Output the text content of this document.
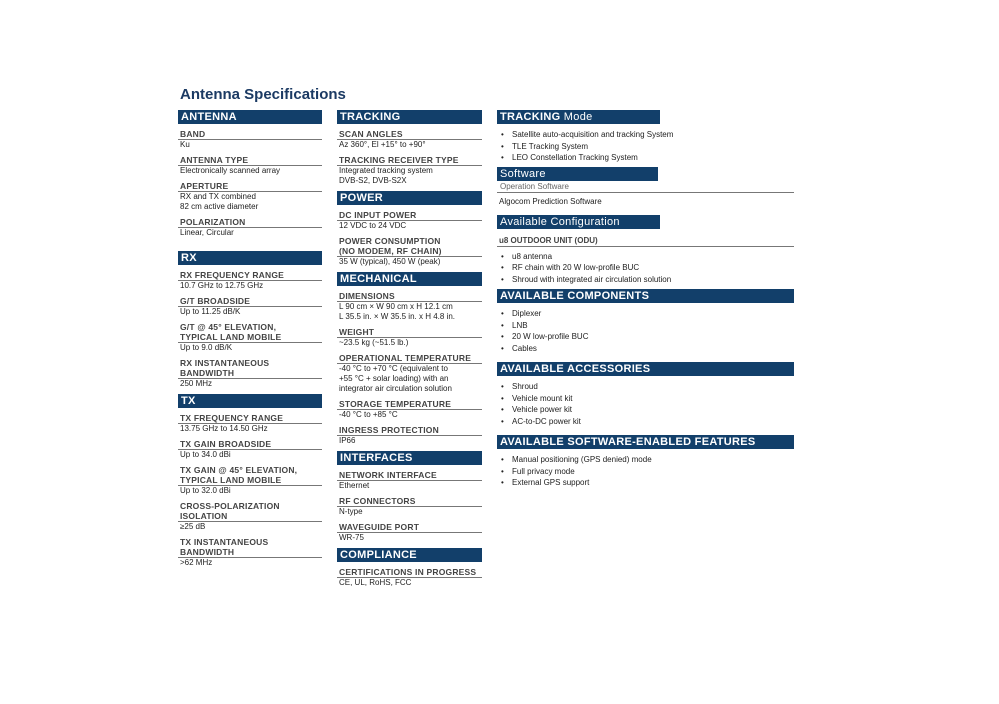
Antenna Specifications
ANTENNA
BAND
Ku
ANTENNA TYPE
Electronically scanned array
APERTURE
RX and TX combined
82 cm active diameter
POLARIZATION
Linear, Circular
RX
RX FREQUENCY RANGE
10.7 GHz to 12.75 GHz
G/T BROADSIDE
Up to 11.25 dB/K
G/T @ 45° ELEVATION,
TYPICAL LAND MOBILE
Up to 9.0 dB/K
RX INSTANTANEOUS
BANDWIDTH
250 MHz
TX
TX FREQUENCY RANGE
13.75 GHz to 14.50 GHz
TX GAIN BROADSIDE
Up to 34.0 dBi
TX GAIN @ 45° ELEVATION,
TYPICAL LAND MOBILE
Up to 32.0 dBi
CROSS-POLARIZATION
ISOLATION
≥25 dB
TX INSTANTANEOUS
BANDWIDTH
>62 MHz
TRACKING
SCAN ANGLES
Az 360°, El +15° to +90°
TRACKING RECEIVER TYPE
Integrated tracking system
DVB-S2, DVB-S2X
POWER
DC INPUT POWER
12 VDC to 24 VDC
POWER CONSUMPTION
(NO MODEM, RF CHAIN)
35 W (typical), 450 W (peak)
MECHANICAL
DIMENSIONS
L 90 cm × W 90 cm x H 12.1 cm
L 35.5 in. × W 35.5 in. x H 4.8 in.
WEIGHT
~23.5 kg (~51.5 lb.)
OPERATIONAL TEMPERATURE
-40 °C to +70 °C (equivalent to
+55 °C + solar loading) with an
integrator air circulation solution
STORAGE TEMPERATURE
-40 °C to +85 °C
INGRESS PROTECTION
IP66
INTERFACES
NETWORK INTERFACE
Ethernet
RF CONNECTORS
N-type
WAVEGUIDE PORT
WR-75
COMPLIANCE
CERTIFICATIONS IN PROGRESS
CE, UL, RoHS, FCC
TRACKING Mode
• Satellite auto-acquisition and tracking System
• TLE Tracking System
• LEO Constellation Tracking System
Software
Operation Software
Algocom Prediction Software
Available Configuration
u8 OUTDOOR UNIT (ODU)
• u8 antenna
• RF chain with 20 W low-profile BUC
• Shroud with integrated air circulation solution
AVAILABLE COMPONENTS
• Diplexer
• LNB
• 20 W low-profile BUC
• Cables
AVAILABLE ACCESSORIES
• Shroud
• Vehicle mount kit
• Vehicle power kit
• AC-to-DC power kit
AVAILABLE SOFTWARE-ENABLED FEATURES
• Manual positioning (GPS denied) mode
• Full privacy mode
• External GPS support
